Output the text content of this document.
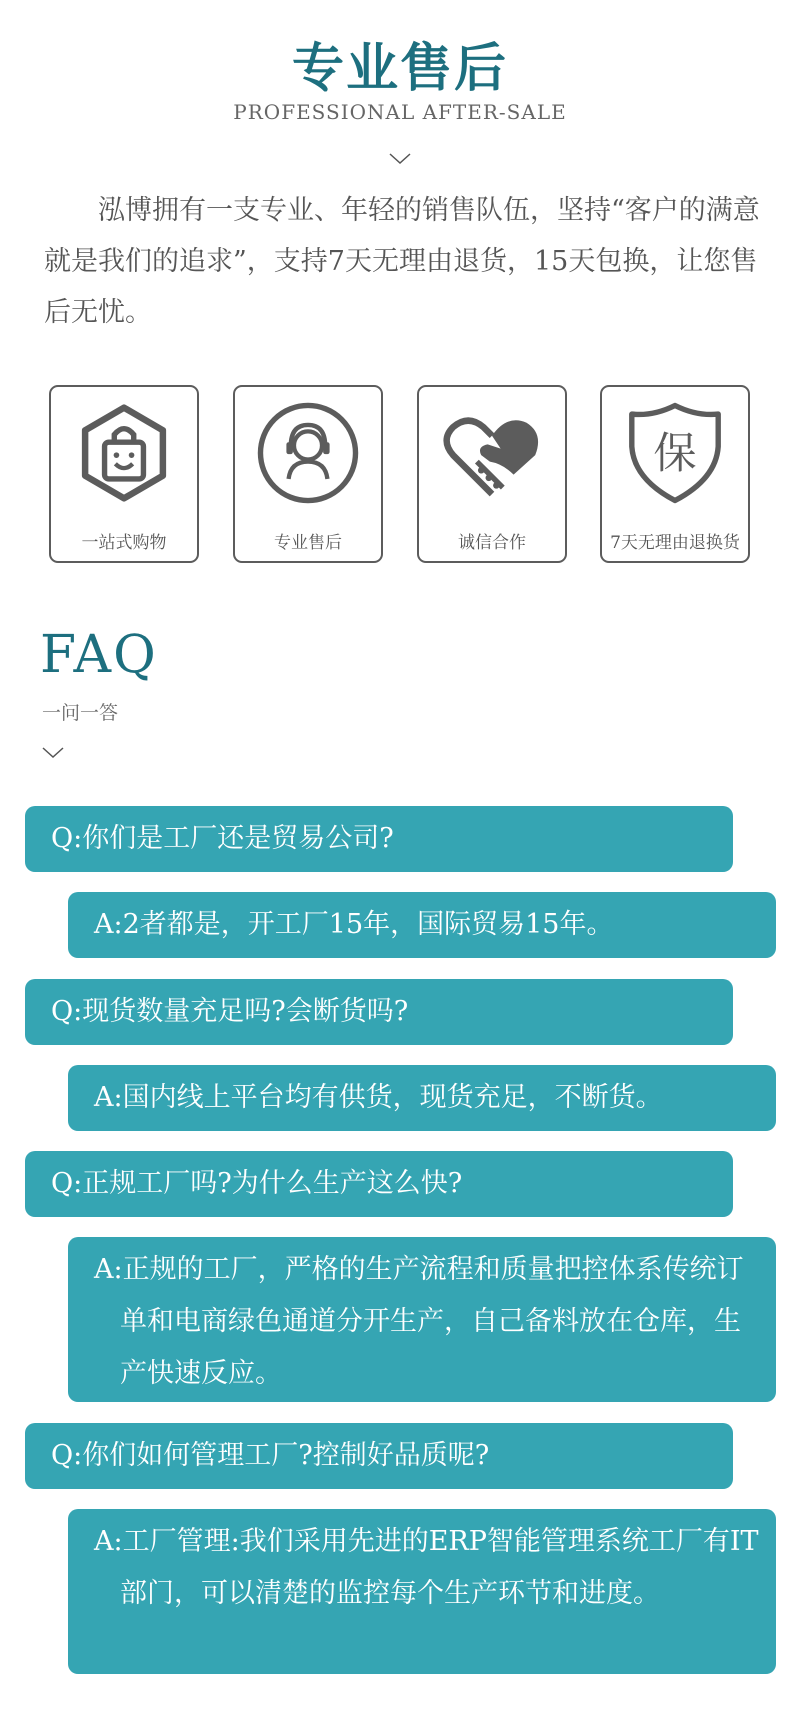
专业售后
PROFESSIONAL AFTER-SALE
泓博拥有一支专业、年轻的销售队伍，坚持“客户的满意就是我们的追求”，支持7天无理由退货，15天包换，让您售后无忧。
一站式购物	专业售后	诚信合作
保
7天无理由退换货
FAQ
一问一答
Q:你们是工厂还是贸易公司?
A:2者都是，开工厂15年，国际贸易15年。
Q:现货数量充足吗?会断货吗?
A:国内线上平台均有供货，现货充足，不断货。
Q:正规工厂吗?为什么生产这么快?
A:正规的工厂，严格的生产流程和质量把控体系传统订单和电商绿色通道分开生产，自己备料放在仓库，生产快速反应。
Q:你们如何管理工厂?控制好品质呢?
A:工厂管理:我们采用先进的ERP智能管理系统工厂有IT部门，可以清楚的监控每个生产环节和进度。
